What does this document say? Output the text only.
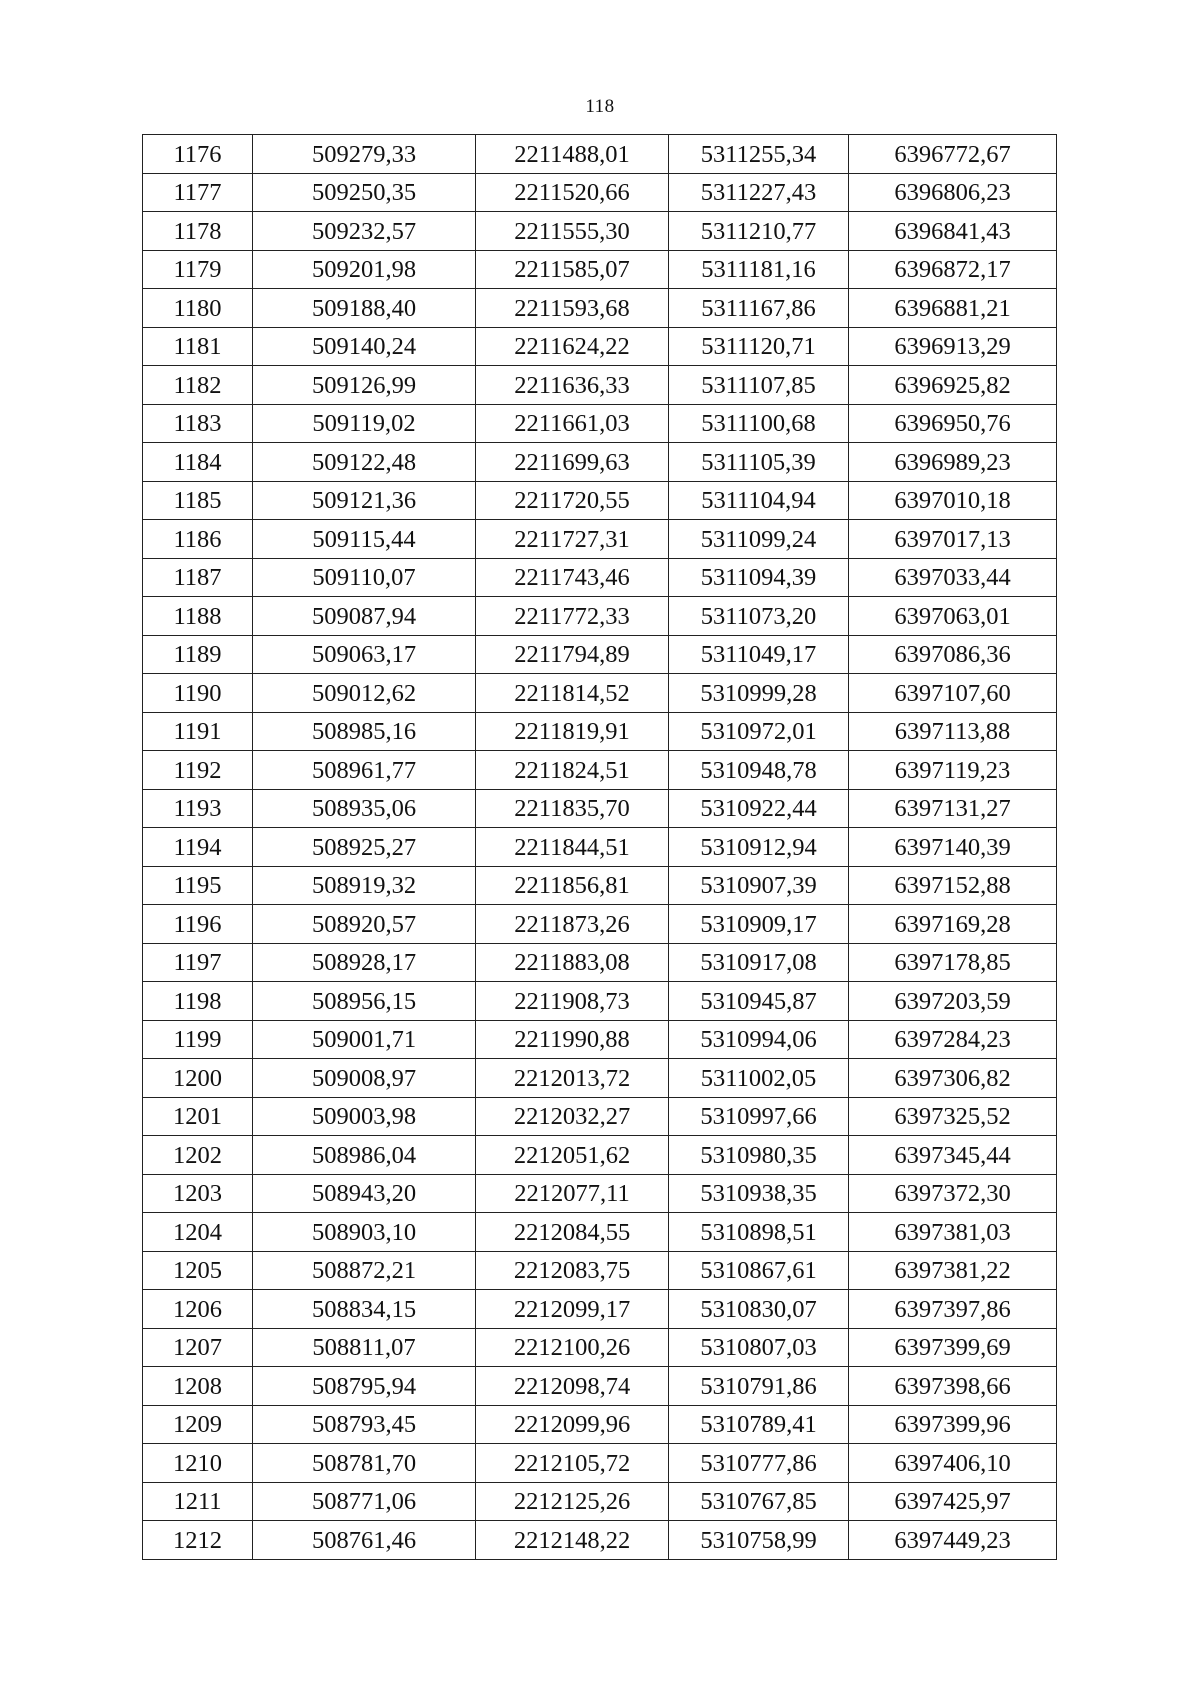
118
1176	509279,33	2211488,01	5311255,34	6396772,67
1177	509250,35	2211520,66	5311227,43	6396806,23
1178	509232,57	2211555,30	5311210,77	6396841,43
1179	509201,98	2211585,07	5311181,16	6396872,17
1180	509188,40	2211593,68	5311167,86	6396881,21
1181	509140,24	2211624,22	5311120,71	6396913,29
1182	509126,99	2211636,33	5311107,85	6396925,82
1183	509119,02	2211661,03	5311100,68	6396950,76
1184	509122,48	2211699,63	5311105,39	6396989,23
1185	509121,36	2211720,55	5311104,94	6397010,18
1186	509115,44	2211727,31	5311099,24	6397017,13
1187	509110,07	2211743,46	5311094,39	6397033,44
1188	509087,94	2211772,33	5311073,20	6397063,01
1189	509063,17	2211794,89	5311049,17	6397086,36
1190	509012,62	2211814,52	5310999,28	6397107,60
1191	508985,16	2211819,91	5310972,01	6397113,88
1192	508961,77	2211824,51	5310948,78	6397119,23
1193	508935,06	2211835,70	5310922,44	6397131,27
1194	508925,27	2211844,51	5310912,94	6397140,39
1195	508919,32	2211856,81	5310907,39	6397152,88
1196	508920,57	2211873,26	5310909,17	6397169,28
1197	508928,17	2211883,08	5310917,08	6397178,85
1198	508956,15	2211908,73	5310945,87	6397203,59
1199	509001,71	2211990,88	5310994,06	6397284,23
1200	509008,97	2212013,72	5311002,05	6397306,82
1201	509003,98	2212032,27	5310997,66	6397325,52
1202	508986,04	2212051,62	5310980,35	6397345,44
1203	508943,20	2212077,11	5310938,35	6397372,30
1204	508903,10	2212084,55	5310898,51	6397381,03
1205	508872,21	2212083,75	5310867,61	6397381,22
1206	508834,15	2212099,17	5310830,07	6397397,86
1207	508811,07	2212100,26	5310807,03	6397399,69
1208	508795,94	2212098,74	5310791,86	6397398,66
1209	508793,45	2212099,96	5310789,41	6397399,96
1210	508781,70	2212105,72	5310777,86	6397406,10
1211	508771,06	2212125,26	5310767,85	6397425,97
1212	508761,46	2212148,22	5310758,99	6397449,23
